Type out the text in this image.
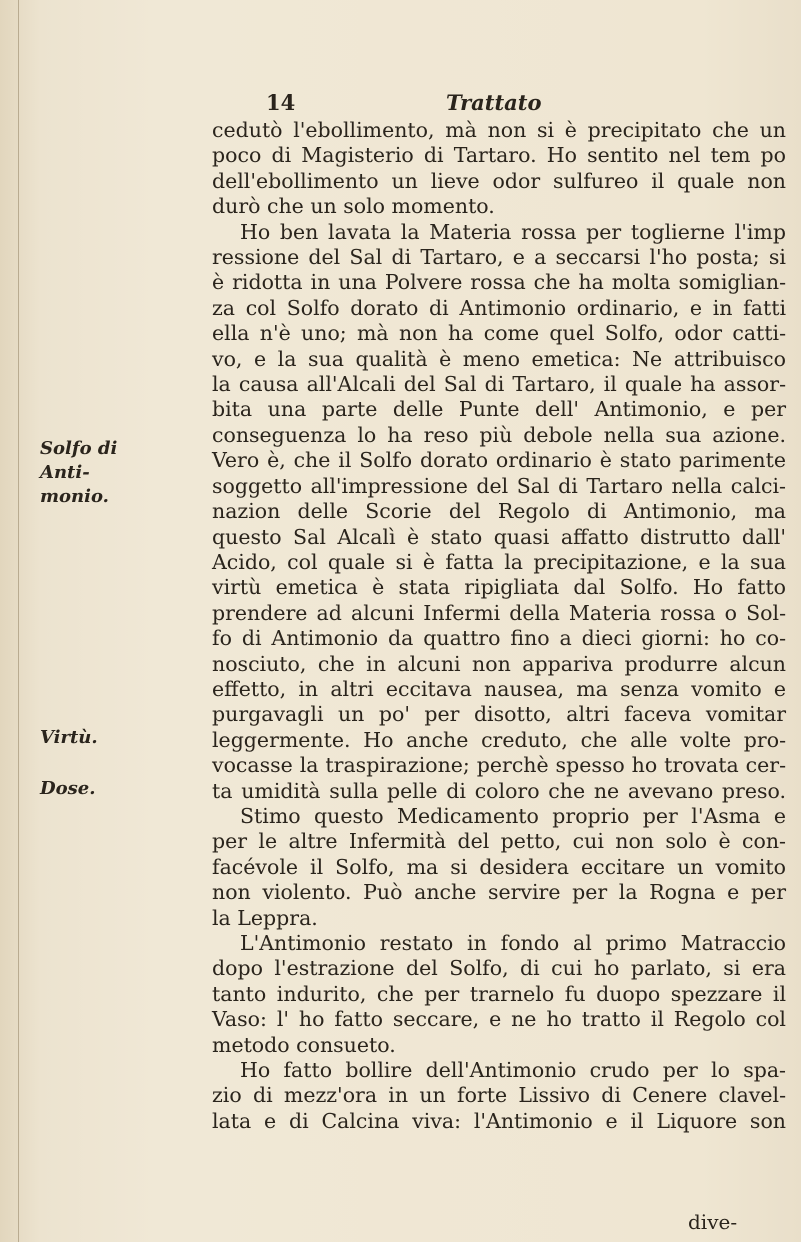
14	Trattato
Solfo di
Anti-
monio.
Virtù.
Dose.
cedutò l'ebollimento, mà non si è precipitato che un
poco di Magisterio di Tartaro. Ho sentito nel tem po
dell'ebollimento un lieve odor sulfureo il quale non
durò che un solo momento.
Ho ben lavata la Materia rossa per toglierne l'imp
ressione del Sal di Tartaro, e a seccarsi l'ho posta; si
è ridotta in una Polvere rossa che ha molta somiglian-
za col Solfo dorato di Antimonio ordinario, e in fatti
ella n'è uno; mà non ha come quel Solfo, odor catti-
vo, e la sua qualità è meno emetica: Ne attribuisco
la causa all'Alcali del Sal di Tartaro, il quale ha assor-
bita una parte delle Punte dell' Antimonio, e per
conseguenza lo ha reso più debole nella sua azione.
Vero è, che il Solfo dorato ordinario è stato parimente
soggetto all'impressione del Sal di Tartaro nella calci-
nazion delle Scorie del Regolo di Antimonio, ma
questo Sal Alcalì è stato quasi affatto distrutto dall'
Acido, col quale si è fatta la precipitazione, e la sua
virtù emetica è stata ripigliata dal Solfo. Ho fatto
prendere ad alcuni Infermi della Materia rossa o Sol-
fo di Antimonio da quattro fino a dieci giorni: ho co-
nosciuto, che in alcuni non appariva produrre alcun
effetto, in altri eccitava nausea, ma senza vomito e
purgavagli un po' per disotto, altri faceva vomitar
leggermente. Ho anche creduto, che alle volte pro-
vocasse la traspirazione; perchè spesso ho trovata cer-
ta umidità sulla pelle di coloro che ne avevano preso.
Stimo questo Medicamento proprio per l'Asma e
per le altre Infermità del petto, cui non solo è con-
facévole il Solfo, ma si desidera eccitare un vomito
non violento. Può anche servire per la Rogna e per
la Leppra.
L'Antimonio restato in fondo al primo Matraccio
dopo l'estrazione del Solfo, di cui ho parlato, si era
tanto indurito, che per trarnelo fu duopo spezzare il
Vaso: l' ho fatto seccare, e ne ho tratto il Regolo col
metodo consueto.
Ho fatto bollire dell'Antimonio crudo per lo spa-
zio di mezz'ora in un forte Lissivo di Cenere clavel-
lata e di Calcina viva: l'Antimonio e il Liquore son
dive-
